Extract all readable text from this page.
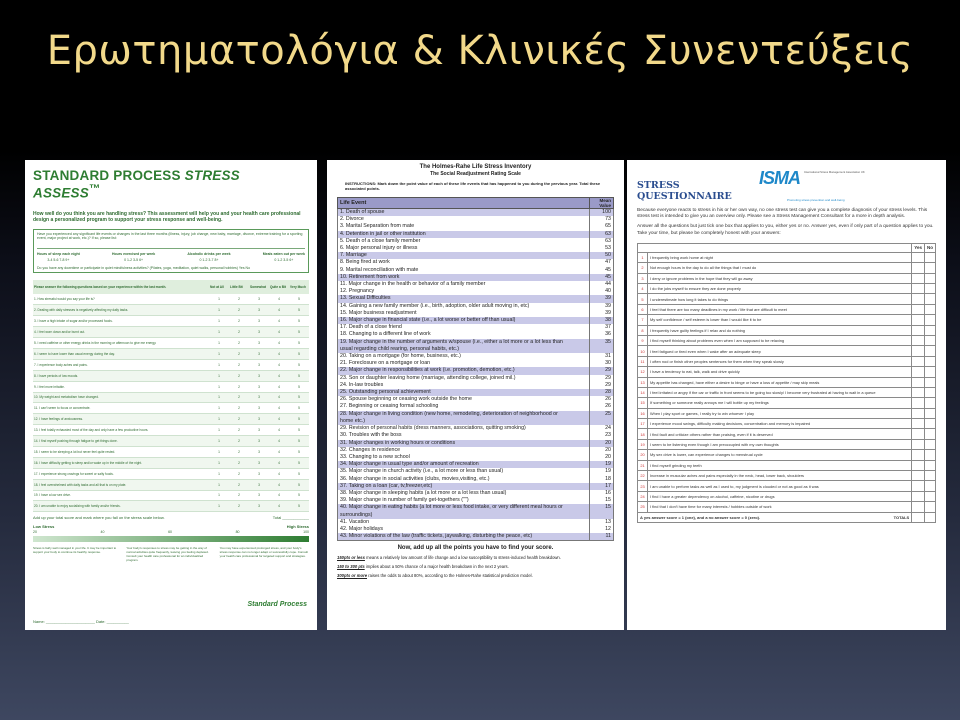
Ερωτηματολόγια & Κλινικές Συνεντεύξεις
STANDARD PROCESS STRESS ASSESS™
How well do you think you are handling stress? This assessment will help you and your health care professional design a personalized program to support your stress response and well-being.
Have you experienced any significant life events or changes in the last three months (illness, injury, job change, new baby, marriage, divorce, extreme training for a sporting event, major project at work, etc.)? If so, please list:
Hours of sleep each night
3-4 5-6 7-8 9+
Hours exercised per week
0 1-2 3-5 6+
Alcoholic drinks per week
0 1-2 3-7 8+
Meals eaten out per week
0 1-2 3-5 6+
Do you have any downtime or participate in quiet mindfulness activities? (Pilates, yoga, meditation, quiet walks, personal hobbies) Yes No
Please answer the following questions based on your experience within the last month.	Not at All	Little Bit	Somewhat	Quite a Bit	Very Much
1. How stressful would you say your life is?	1	2	3	4	5
2. Dealing with daily stresses is negatively affecting my daily tasks.	1	2	3	4	5
3. I have a high intake of sugar and/or processed foods.	1	2	3	4	5
4. I feel worn down and/or burnt out.	1	2	3	4	5
5. I need caffeine or other energy drinks in the morning or afternoon to give me energy.	1	2	3	4	5
6. I seem to have lower than usual energy during the day.	1	2	3	4	5
7. I experience body aches and pains.	1	2	3	4	5
8. I have periods of low moods.	1	2	3	4	5
9. I feel more irritable.	1	2	3	4	5
10. My weight and metabolism have changed.	1	2	3	4	5
11. I can't seem to focus or concentrate.	1	2	3	4	5
12. I have feelings of anxiousness.	1	2	3	4	5
13. I feel totally exhausted most of the day and only have a few productive hours.	1	2	3	4	5
14. I find myself pushing through fatigue to get things done.	1	2	3	4	5
15. I seem to be sleeping a lot but never feel quite rested.	1	2	3	4	5
16. I have difficulty getting to sleep and/or wake up in the middle of the night.	1	2	3	4	5
17. I experience strong cravings for sweet or salty foods.	1	2	3	4	5
18. I feel overwhelmed with daily tasks and all that is on my plate.	1	2	3	4	5
19. I have a low sex drive.	1	2	3	4	5
20. I am unable to enjoy socializing with family and/or friends.	1	2	3	4	5
Add up your total score and mark where you fall on the stress scale below.	Total ____________
Low Stress	High Stress
20	40	60	80	100
Stress is fairly well managed in your life. It may be important to support your body to continue its healthy response.
Your body's responses to stress may be getting in the way of normal activities quite frequently, leaving you feeling depleted. Consult your health care professional for an individualized program.
You may have experienced prolonged stress, and your body's stress response can no longer adapt or successfully cope. Consult your health care professional for targeted support and strategies.
Standard Process
Name: ______________________ Date: __________
The Holmes-Rahe Life Stress Inventory
The Social Readjustment Rating Scale
INSTRUCTIONS: Mark down the point value of each of these life events that has happened to you during the previous year. Total these associated points.
Life Event	Mean Value
1. Death of spouse	100
2. Divorce	73
3. Marital Separation from mate	65
4. Detention in jail or other institution	63
5. Death of a close family member	63
6. Major personal injury or illness	53
7. Marriage	50
8. Being fired at work	47
9. Marital reconciliation with mate	45
10. Retirement from work	45
11. Major change in the health or behavior of a family member	44
12. Pregnancy	40
13. Sexual Difficulties	39
14. Gaining a new family member (i.e., birth, adoption, older adult moving in, etc)	39
15. Major business readjustment	39
16. Major change in financial state (i.e., a lot worse or better off than usual)	38
17. Death of a close friend	37
18. Changing to a different line of work	36
19. Major change in the number of arguments w/spouse (i.e., either a lot more or a lot less than	35
usual regarding child rearing, personal habits, etc.)	
20. Taking on a mortgage (for home, business, etc.)	31
21. Foreclosure on a mortgage or loan	30
22. Major change in responsibilities at work (i.e. promotion, demotion, etc.)	29
23. Son or daughter leaving home (marriage, attending college, joined mil.)	29
24. In-law troubles	29
25. Outstanding personal achievement	28
26. Spouse beginning or ceasing work outside the home	26
27. Beginning or ceasing formal schooling	26
28. Major change in living condition (new home, remodeling, deterioration of neighborhood or	25
home etc.)	
29. Revision of personal habits (dress manners, associations, quitting smoking)	24
30. Troubles with the boss	23
31. Major changes in working hours or conditions	20
32. Changes in residence	20
33. Changing to a new school	20
34. Major change in usual type and/or amount of recreation	19
35. Major change in church activity (i.e., a lot more or less than usual)	19
36. Major change in social activities (clubs, movies,visiting, etc.)	18
37. Taking on a loan (car, tv,freezer,etc)	17
38. Major change in sleeping habits (a lot more or a lot less than usual)	16
39. Major change in number of family get-togethers ("")	15
40. Major change in eating habits (a lot more or less food intake, or very different meal hours or	15
surroundings)	
41. Vacation	13
42. Major holidays	12
43. Minor violations of the law (traffic tickets, jaywalking, disturbing the peace, etc)	11
Now, add up all the points you have to find your score.
150pts or less means a relatively low amount of life change and a low susceptibility to stress-induced health breakdown.
150 to 300 pts implies about a 50% chance of a major health breakdown in the next 2 years.
300pts or more raises the odds to about 80%, according to the Holmes-Rahe statistical prediction model.
STRESS QUESTIONNAIRE
ISMA International Stress Management Association UK
Promoting stress prevention and well-being
Because everyone reacts to stress in his or her own way, no one stress test can give you a complete diagnosis of your stress levels. This stress test is intended to give you an overview only. Please see a Stress Management Consultant for a more in depth analysis.
Answer all the questions but just tick one box that applies to you, either yes or no. Answer yes, even if only part of a question applies to you. Take your time, but please be completely honest with your answers:
		Yes	No
1	I frequently bring work home at night		
2	Not enough hours in the day to do all the things that I must do		
3	I deny or ignore problems in the hope that they will go away		
4	I do the jobs myself to ensure they are done properly		
5	I underestimate how long it takes to do things		
6	I feel that there are too many deadlines in my work / life that are difficult to meet		
7	My self confidence / self esteem is lower than I would like it to be		
8	I frequently have guilty feelings if I relax and do nothing		
9	I find myself thinking about problems even when I am supposed to be relaxing		
10	I feel fatigued or tired even when I wake after an adequate sleep		
11	I often nod or finish other peoples sentences for them when they speak slowly		
12	I have a tendency to eat, talk, walk and drive quickly		
13	My appetite has changed, have either a desire to binge or have a loss of appetite / may skip meals		
14	I feel irritated or angry if the car or traffic in front seems to be going too slowly/ I become very frustrated at having to wait in a queue		
15	If something or someone really annoys me I will bottle up my feelings		
16	When I play sport or games, I really try to win whoever I play		
17	I experience mood swings, difficulty making decisions, concentration and memory is impaired		
18	I find fault and criticize others rather than praising, even if it is deserved		
19	I seem to be listening even though I am preoccupied with my own thoughts		
20	My sex drive is lower, can experience changes to menstrual cycle		
21	I find myself grinding my teeth		
22	Increase in muscular aches and pains especially in the neck, head, lower back, shoulders		
23	I am unable to perform tasks as well as I used to, my judgment is clouded or not as good as it was		
24	I find I have a greater dependency on alcohol, caffeine, nicotine or drugs		
25	I find that I don't have time for many interests / hobbies outside of work		
A yes answer score = 1 (one), and a no answer score = 0 (zero). TOTALS			
